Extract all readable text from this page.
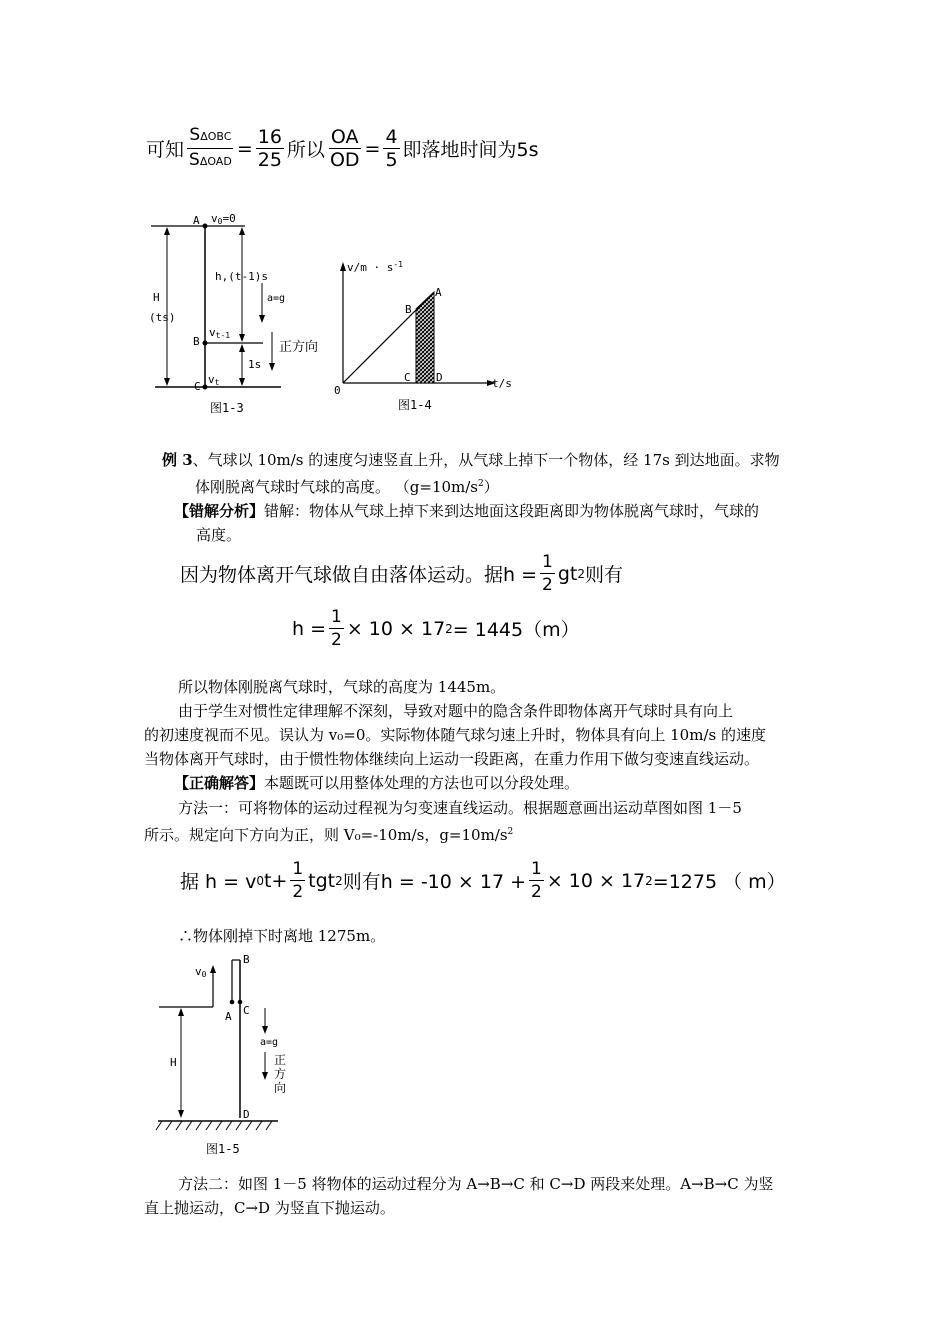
可知 $\frac{\text{SΔOBC}}{\text{SΔOAD}} = \frac{16}{25}$ 所以 $\frac{OA}{OD} = \frac{4}{5}$ 即落地时间为5s
A v0=0
h,(t-1)s
a=g
H
(ts)
vt-1
B	正方向
1s
C
vt
图1-3
$v/m \cdot s^{-1}$
A
B
C D	t/s
0
图1-4
例 3、气球以 10m/s 的速度匀速竖直上升，从气球上掉下一个物体，经 17s 到达地面。求物
体刚脱离气球时气球的高度。 $(g=10m/s^2)$
【错解分析】错解：物体从气球上掉下来到达地面这段距离即为物体脱离气球时，气球的
高度。
因为物体离开气球做自由落体运动。据$h = \frac{1}{2}$ gt 2 则有
$h = \frac{1}{2} \times 10 \times 17$ 2 = 1445（m）
所以物体刚脱离气球时，气球的高度为 1445m。
由于学生对惯性定律理解不深刻，导致对题中的隐含条件即物体离开气球时具有向上
的初速度视而不见。误认为 v₀=0。实际物体随气球匀速上升时，物体具有向上 10m/s 的速度
当物体离开气球时，由于惯性物体继续向上运动一段距离，在重力作用下做匀变速直线运动。
【正确解答】本题既可以用整体处理的方法也可以分段处理。
方法一：可将物体的运动过程视为匀变速直线运动。根据题意画出运动草图如图 1－5
所示。规定向下方向为正，则 V₀=-10m/s，$g=10m/s^2$
据 h = v 0 $t+ \frac{1}{2}$ tgt 2 则有$h = -10 \times 17 + \frac{1}{2} \times 10 \times 17$ 2 =1275 （ m）
∴物体刚掉下时离地 1275m。
v0
B
A C
H
a=g
正
方
向
D
图1-5
方法二：如图 1－5 将物体的运动过程分为 A→B→C 和 C→D 两段来处理。A→B→C 为竖
直上抛运动，C→D 为竖直下抛运动。
